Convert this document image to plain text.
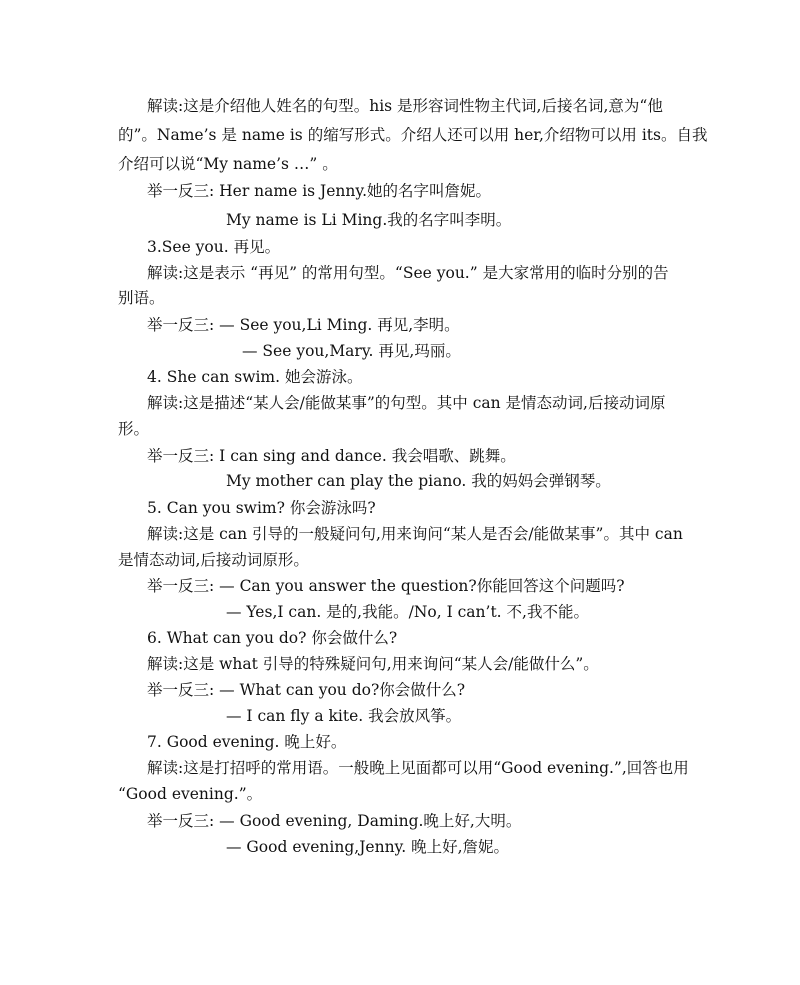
解读:这是介绍他人姓名的句型。his 是形容词性物主代词,后接名词,意为“他
的”。Name’s 是 name is 的缩写形式。介绍人还可以用 her,介绍物可以用 its。自我
介绍可以说“My name’s …” 。
举一反三: Her name is Jenny.她的名字叫詹妮。
My name is Li Ming.我的名字叫李明。
3.See you. 再见。
解读:这是表示 “再见” 的常用句型。“See you.” 是大家常用的临时分别的告
别语。
举一反三: — See you,Li Ming. 再见,李明。
— See you,Mary. 再见,玛丽。
4. She can swim. 她会游泳。
解读:这是描述“某人会/能做某事”的句型。其中 can 是情态动词,后接动词原
形。
举一反三: I can sing and dance. 我会唱歌、跳舞。
My mother can play the piano. 我的妈妈会弹钢琴。
5. Can you swim? 你会游泳吗?
解读:这是 can 引导的一般疑问句,用来询问“某人是否会/能做某事”。其中 can
是情态动词,后接动词原形。
举一反三: — Can you answer the question?你能回答这个问题吗?
— Yes,I can. 是的,我能。/No, I can’t. 不,我不能。
6. What can you do? 你会做什么?
解读:这是 what 引导的特殊疑问句,用来询问“某人会/能做什么”。
举一反三: — What can you do?你会做什么?
— I can fly a kite. 我会放风筝。
7. Good evening. 晚上好。
解读:这是打招呼的常用语。一般晚上见面都可以用“Good evening.”,回答也用
“Good evening.”。
举一反三: — Good evening, Daming.晚上好,大明。
— Good evening,Jenny. 晚上好,詹妮。
